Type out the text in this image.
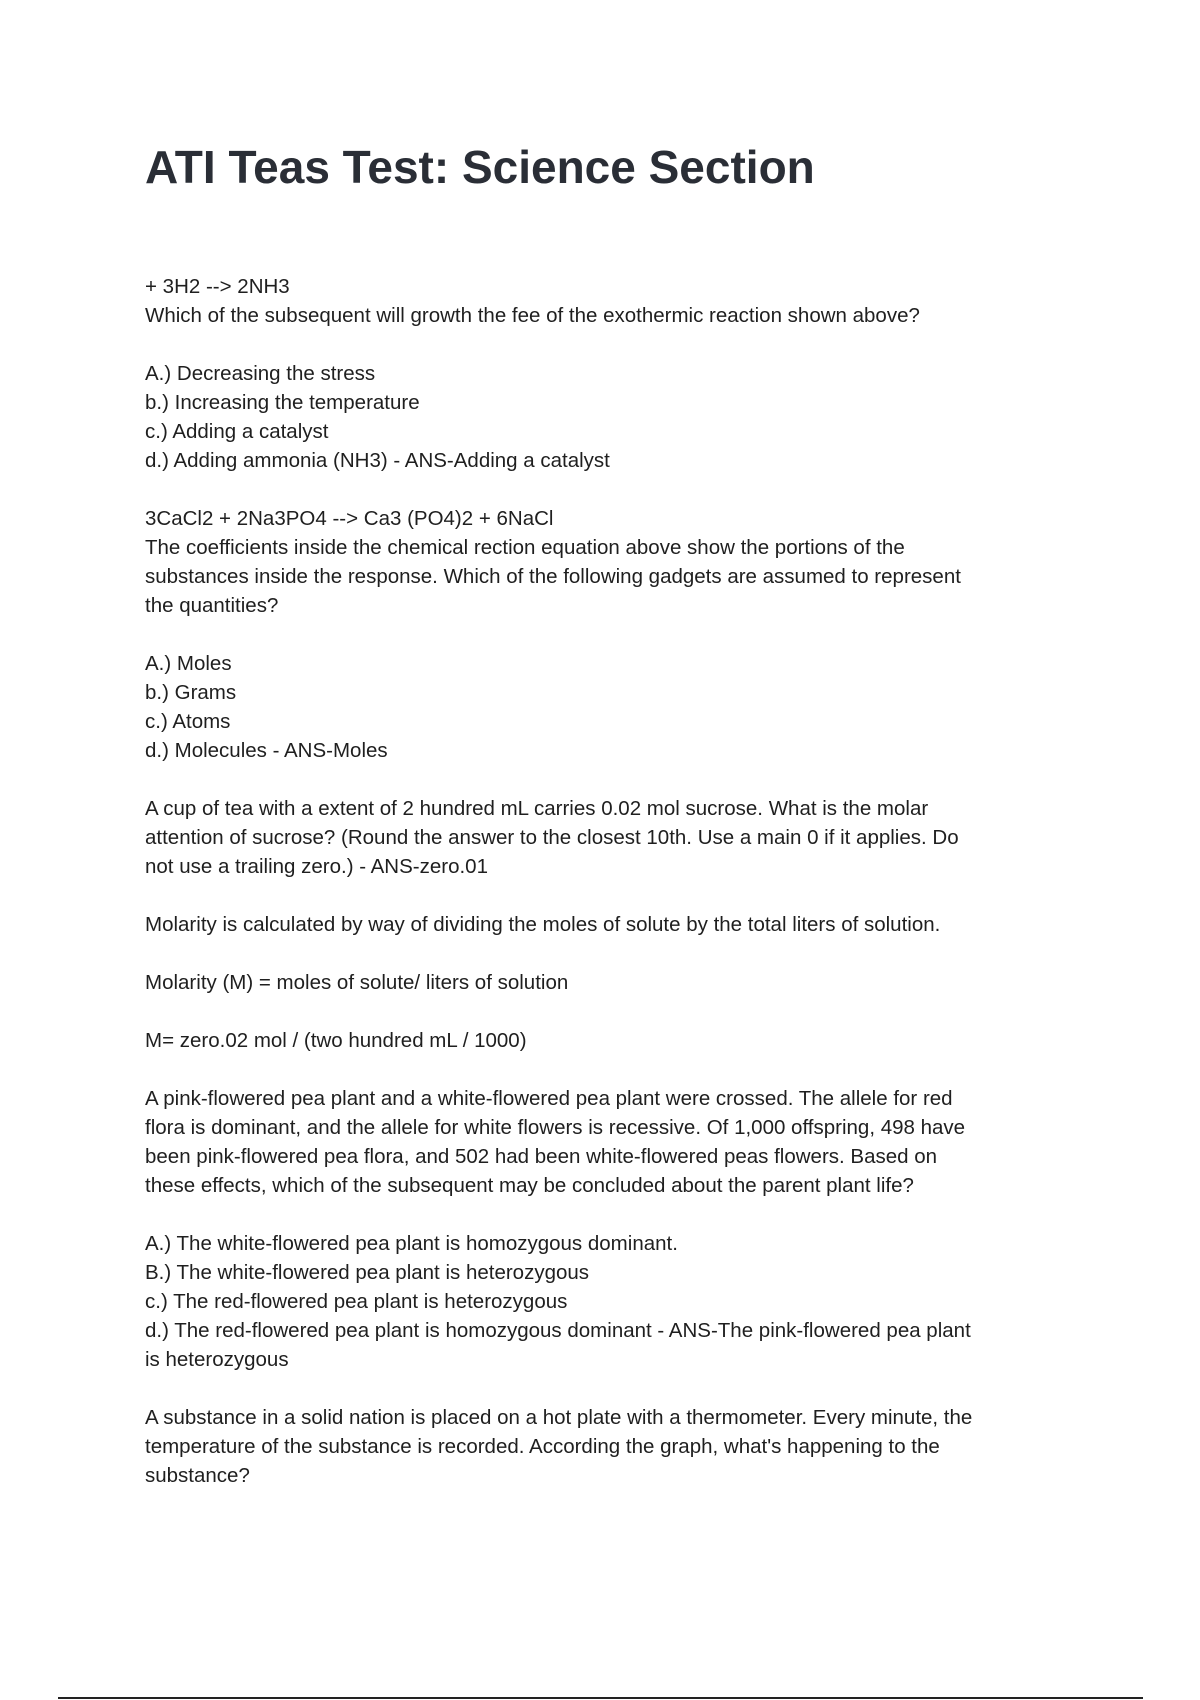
ATI Teas Test: Science Section

+ 3H2 --> 2NH3

Which of the subsequent will growth the fee of the exothermic reaction shown above?

A.) Decreasing the stress

b.) Increasing the temperature

c.) Adding a catalyst

d.) Adding ammonia (NH3) - ANS-Adding a catalyst

3CaCl2 + 2Na3PO4 --> Ca3 (PO4)2 + 6NaCl

The coefficients inside the chemical rection equation above show the portions of the

substances inside the response. Which of the following gadgets are assumed to represent

the quantities?

A.) Moles

b.) Grams

c.) Atoms

d.) Molecules - ANS-Moles

A cup of tea with a extent of 2 hundred mL carries 0.02 mol sucrose. What is the molar

attention of sucrose? (Round the answer to the closest 10th. Use a main 0 if it applies. Do

not use a trailing zero.) - ANS-zero.01

Molarity is calculated by way of dividing the moles of solute by the total liters of solution.

Molarity (M) = moles of solute/ liters of solution

M= zero.02 mol / (two hundred mL / 1000)

A pink-flowered pea plant and a white-flowered pea plant were crossed. The allele for red

flora is dominant, and the allele for white flowers is recessive. Of 1,000 offspring, 498 have

been pink-flowered pea flora, and 502 had been white-flowered peas flowers. Based on

these effects, which of the subsequent may be concluded about the parent plant life?

A.) The white-flowered pea plant is homozygous dominant.

B.) The white-flowered pea plant is heterozygous

c.) The red-flowered pea plant is heterozygous

d.) The red-flowered pea plant is homozygous dominant - ANS-The pink-flowered pea plant

is heterozygous

A substance in a solid nation is placed on a hot plate with a thermometer. Every minute, the

temperature of the substance is recorded. According the graph, what's happening to the

substance?
